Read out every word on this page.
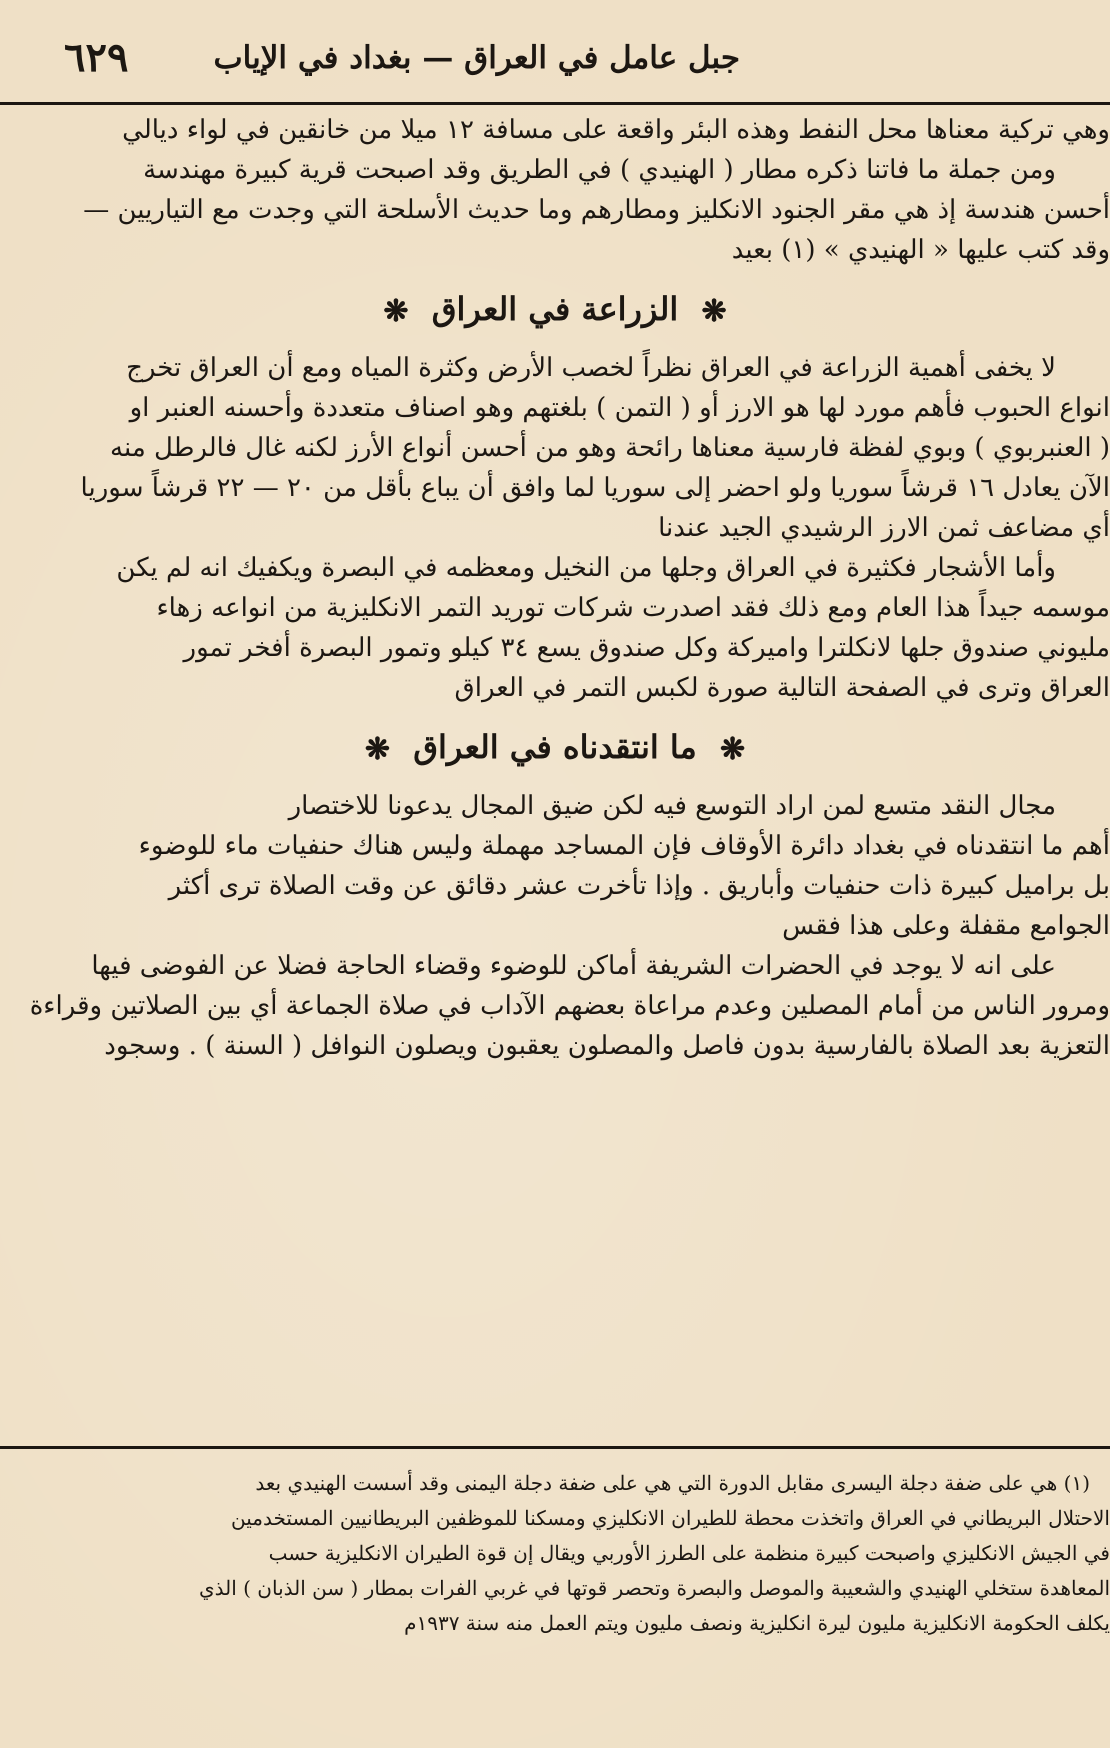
٦٢٩	جبل عامل في العراق — بغداد في الإياب
وهي تركية معناها محل النفط وهذه البئر واقعة على مسافة ١٢ ميلا من خانقين في لواء ديالي
ومن جملة ما فاتنا ذكره مطار ( الهنيدي ) في الطريق وقد اصبحت قرية كبيرة مهندسة
أحسن هندسة إذ هي مقر الجنود الانكليز ومطارهم وما حديث الأسلحة التي وجدت مع التياريين —
وقد كتب عليها « الهنيدي » (١) بعيد
❋ الزراعة في العراق ❋
لا يخفى أهمية الزراعة في العراق نظراً لخصب الأرض وكثرة المياه ومع أن العراق تخرج
انواع الحبوب فأهم مورد لها هو الارز أو ( التمن ) بلغتهم وهو اصناف متعددة وأحسنه العنبر او
( العنبربوي ) وبوي لفظة فارسية معناها رائحة وهو من أحسن أنواع الأرز لكنه غال فالرطل منه
الآن يعادل ١٦ قرشاً سوريا ولو احضر إلى سوريا لما وافق أن يباع بأقل من ٢٠ — ٢٢ قرشاً سوريا
أي مضاعف ثمن الارز الرشيدي الجيد عندنا
وأما الأشجار فكثيرة في العراق وجلها من النخيل ومعظمه في البصرة ويكفيك انه لم يكن
موسمه جيداً هذا العام ومع ذلك فقد اصدرت شركات توريد التمر الانكليزية من انواعه زهاء
مليوني صندوق جلها لانكلترا واميركة وكل صندوق يسع ٣٤ كيلو وتمور البصرة أفخر تمور
العراق وترى في الصفحة التالية صورة لكبس التمر في العراق
❋ ما انتقدناه في العراق ❋
مجال النقد متسع لمن اراد التوسع فيه لكن ضيق المجال يدعونا للاختصار
أهم ما انتقدناه في بغداد دائرة الأوقاف فإن المساجد مهملة وليس هناك حنفيات ماء للوضوء
بل براميل كبيرة ذات حنفيات وأباريق . وإذا تأخرت عشر دقائق عن وقت الصلاة ترى أكثر
الجوامع مقفلة وعلى هذا فقس
على انه لا يوجد في الحضرات الشريفة أماكن للوضوء وقضاء الحاجة فضلا عن الفوضى فيها
ومرور الناس من أمام المصلين وعدم مراعاة بعضهم الآداب في صلاة الجماعة أي بين الصلاتين وقراءة
التعزية بعد الصلاة بالفارسية بدون فاصل والمصلون يعقبون ويصلون النوافل ( السنة ) . وسجود
(١) هي على ضفة دجلة اليسرى مقابل الدورة التي هي على ضفة دجلة اليمنى وقد أسست الهنيدي بعد
الاحتلال البريطاني في العراق واتخذت محطة للطيران الانكليزي ومسكنا للموظفين البريطانيين المستخدمين
في الجيش الانكليزي واصبحت كبيرة منظمة على الطرز الأوربي ويقال إن قوة الطيران الانكليزية حسب
المعاهدة ستخلي الهنيدي والشعيبة والموصل والبصرة وتحصر قوتها في غربي الفرات بمطار ( سن الذبان ) الذي
يكلف الحكومة الانكليزية مليون ليرة انكليزية ونصف مليون ويتم العمل منه سنة ١٩٣٧م
